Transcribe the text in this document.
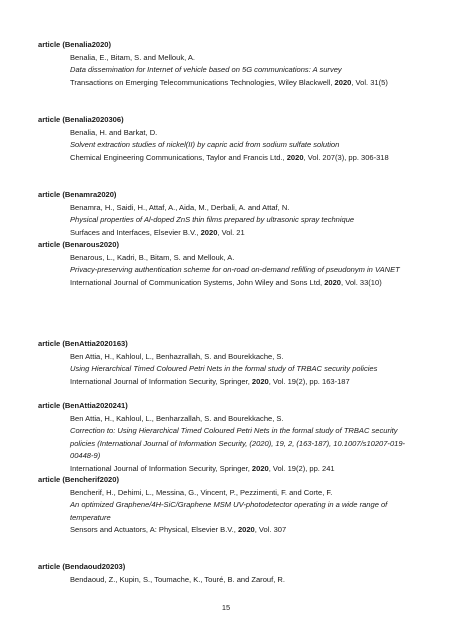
article (Benalia2020)
Benalia, E., Bitam, S. and Mellouk, A.
Data dissemination for Internet of vehicle based on 5G communications: A survey
Transactions on Emerging Telecommunications Technologies, Wiley Blackwell, 2020, Vol. 31(5)
article (Benalia2020306)
Benalia, H. and Barkat, D.
Solvent extraction studies of nickel(II) by capric acid from sodium sulfate solution
Chemical Engineering Communications, Taylor and Francis Ltd., 2020, Vol. 207(3), pp. 306-318
article (Benamra2020)
Benamra, H., Saidi, H., Attaf, A., Aida, M., Derbali, A. and Attaf, N.
Physical properties of Al-doped ZnS thin films prepared by ultrasonic spray technique
Surfaces and Interfaces, Elsevier B.V., 2020, Vol. 21
article (Benarous2020)
Benarous, L., Kadri, B., Bitam, S. and Mellouk, A.
Privacy-preserving authentication scheme for on-road on-demand refilling of pseudonym in VANET
International Journal of Communication Systems, John Wiley and Sons Ltd, 2020, Vol. 33(10)
article (BenAttia2020163)
Ben Attia, H., Kahloul, L., Benhazrallah, S. and Bourekkache, S.
Using Hierarchical Timed Coloured Petri Nets in the formal study of TRBAC security policies
International Journal of Information Security, Springer, 2020, Vol. 19(2), pp. 163-187
article (BenAttia2020241)
Ben Attia, H., Kahloul, L., Benharzallah, S. and Bourekkache, S.
Correction to: Using Hierarchical Timed Coloured Petri Nets in the formal study of TRBAC security policies (International Journal of Information Security, (2020), 19, 2, (163-187), 10.1007/s10207-019-00448-9)
International Journal of Information Security, Springer, 2020, Vol. 19(2), pp. 241
article (Bencherif2020)
Bencherif, H., Dehimi, L., Messina, G., Vincent, P., Pezzimenti, F. and Corte, F.
An optimized Graphene/4H-SiC/Graphene MSM UV-photodetector operating in a wide range of temperature
Sensors and Actuators, A: Physical, Elsevier B.V., 2020, Vol. 307
article (Bendaoud20203)
Bendaoud, Z., Kupin, S., Toumache, K., Touré, B. and Zarouf, R.
15
